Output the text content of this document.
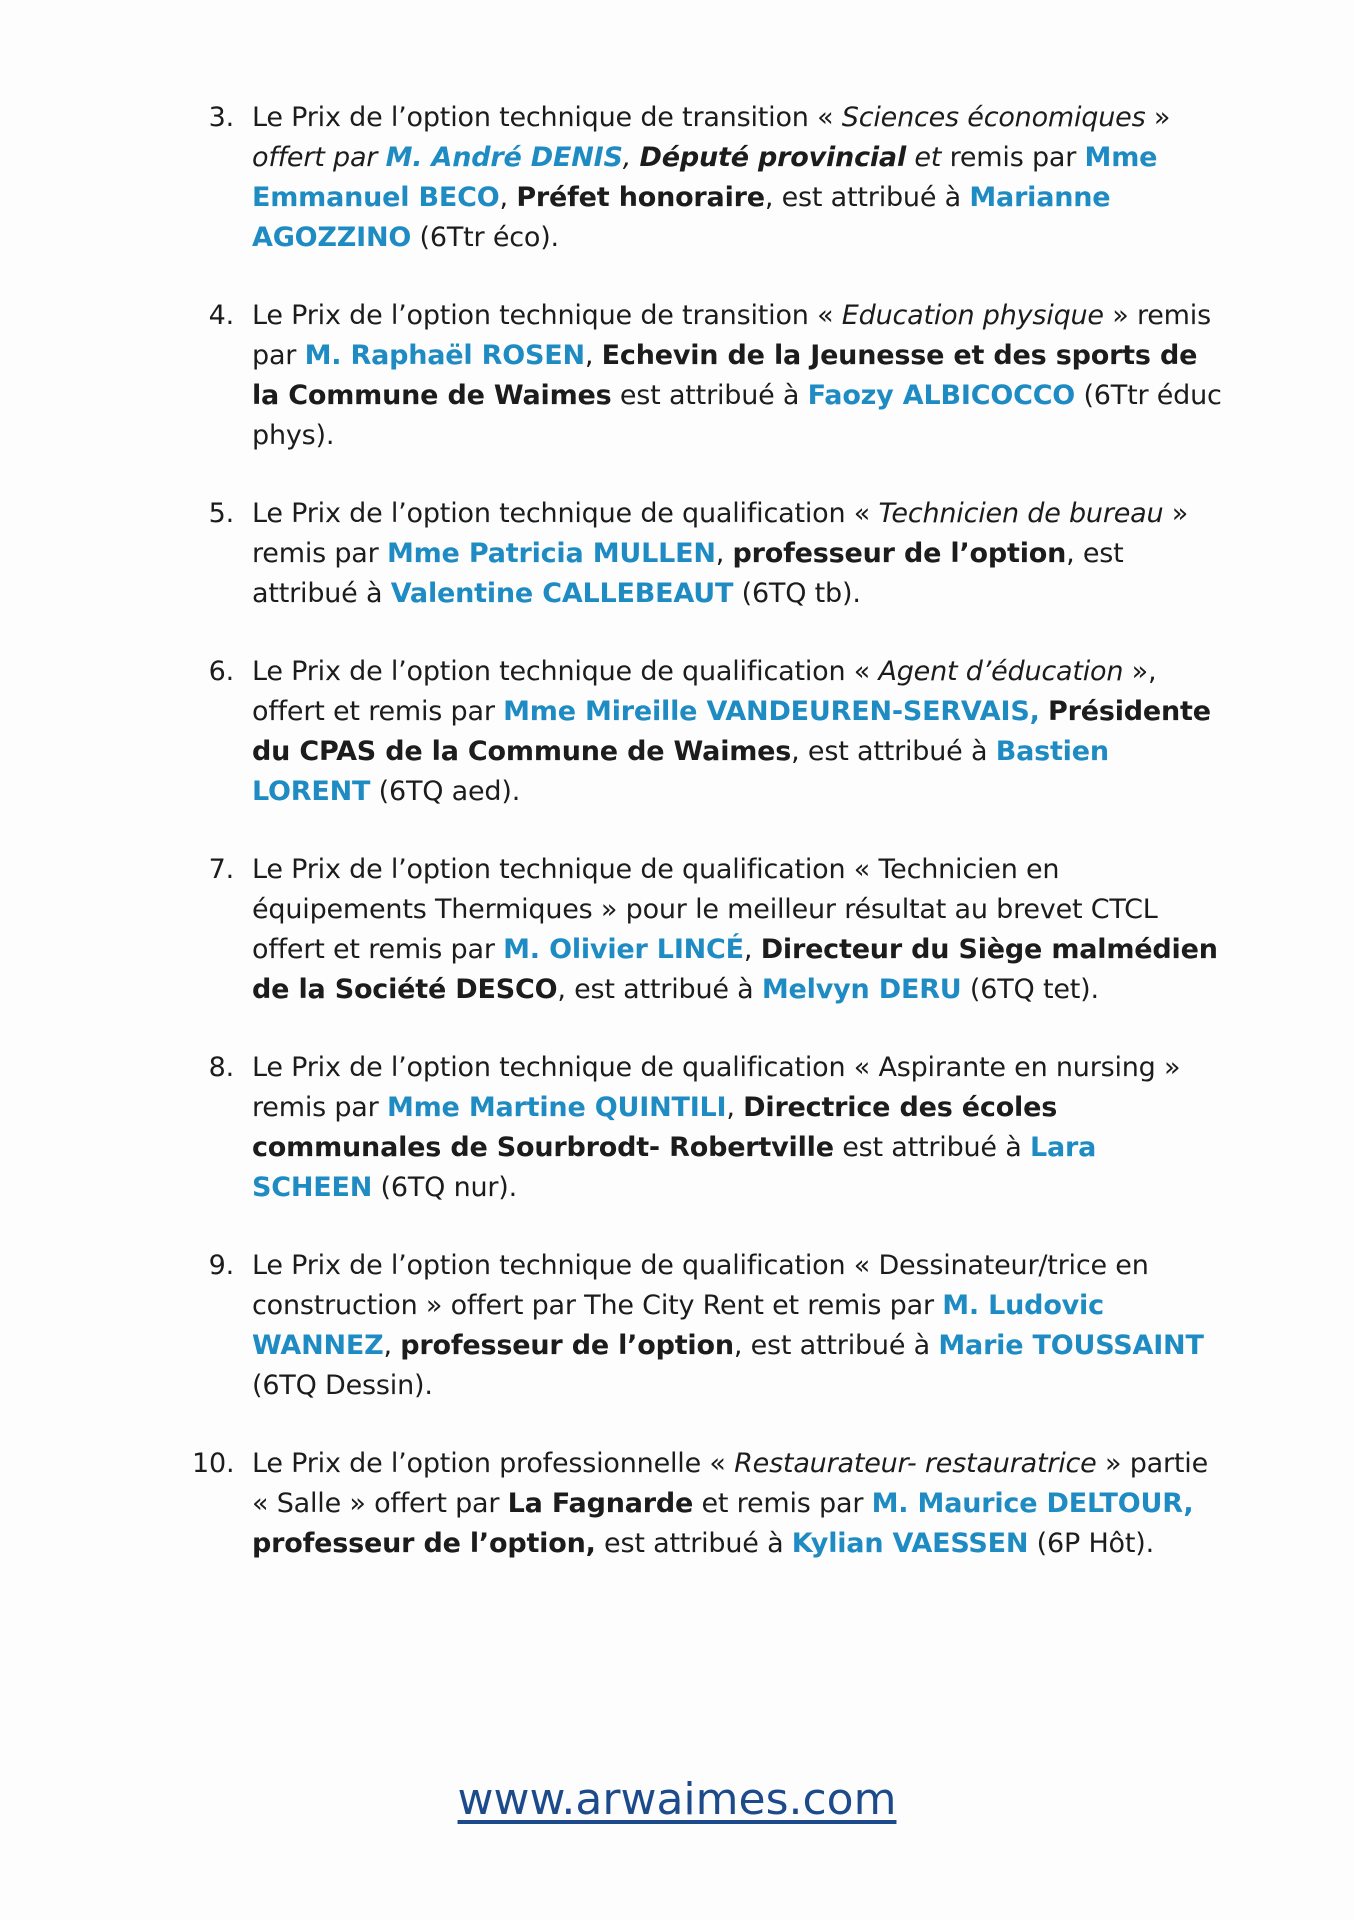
3. Le Prix de l’option technique de transition « Sciences économiques » offert par M. André DENIS, Député provincial et remis par Mme Emmanuel BECO, Préfet honoraire, est attribué à Marianne AGOZZINO (6Ttr éco).
4. Le Prix de l’option technique de transition « Education physique » remis par M. Raphaël ROSEN, Echevin de la Jeunesse et des sports de la Commune de Waimes est attribué à Faozy ALBICOCCO (6Ttr éduc phys).
5. Le Prix de l’option technique de qualification « Technicien de bureau » remis par Mme Patricia MULLEN, professeur de l’option, est attribué à Valentine CALLEBEAUT (6TQ tb).
6. Le Prix de l’option technique de qualification « Agent d’éducation », offert et remis par Mme Mireille VANDEUREN-SERVAIS, Présidente du CPAS de la Commune de Waimes, est attribué à Bastien LORENT (6TQ aed).
7. Le Prix de l’option technique de qualification « Technicien en équipements Thermiques » pour le meilleur résultat au brevet CTCL offert et remis par M. Olivier LINCÉ, Directeur du Siège malmédien de la Société DESCO, est attribué à Melvyn DERU (6TQ tet).
8. Le Prix de l’option technique de qualification « Aspirante en nursing » remis par Mme Martine QUINTILI, Directrice des écoles communales de Sourbrodt- Robertville est attribué à Lara SCHEEN (6TQ nur).
9. Le Prix de l’option technique de qualification « Dessinateur/trice en construction » offert par The City Rent et remis par M. Ludovic WANNEZ, professeur de l’option, est attribué à Marie TOUSSAINT (6TQ Dessin).
10. Le Prix de l’option professionnelle « Restaurateur- restauratrice » partie « Salle » offert par La Fagnarde et remis par M. Maurice DELTOUR, professeur de l’option, est attribué à Kylian VAESSEN (6P Hôt).
www.arwaimes.com
